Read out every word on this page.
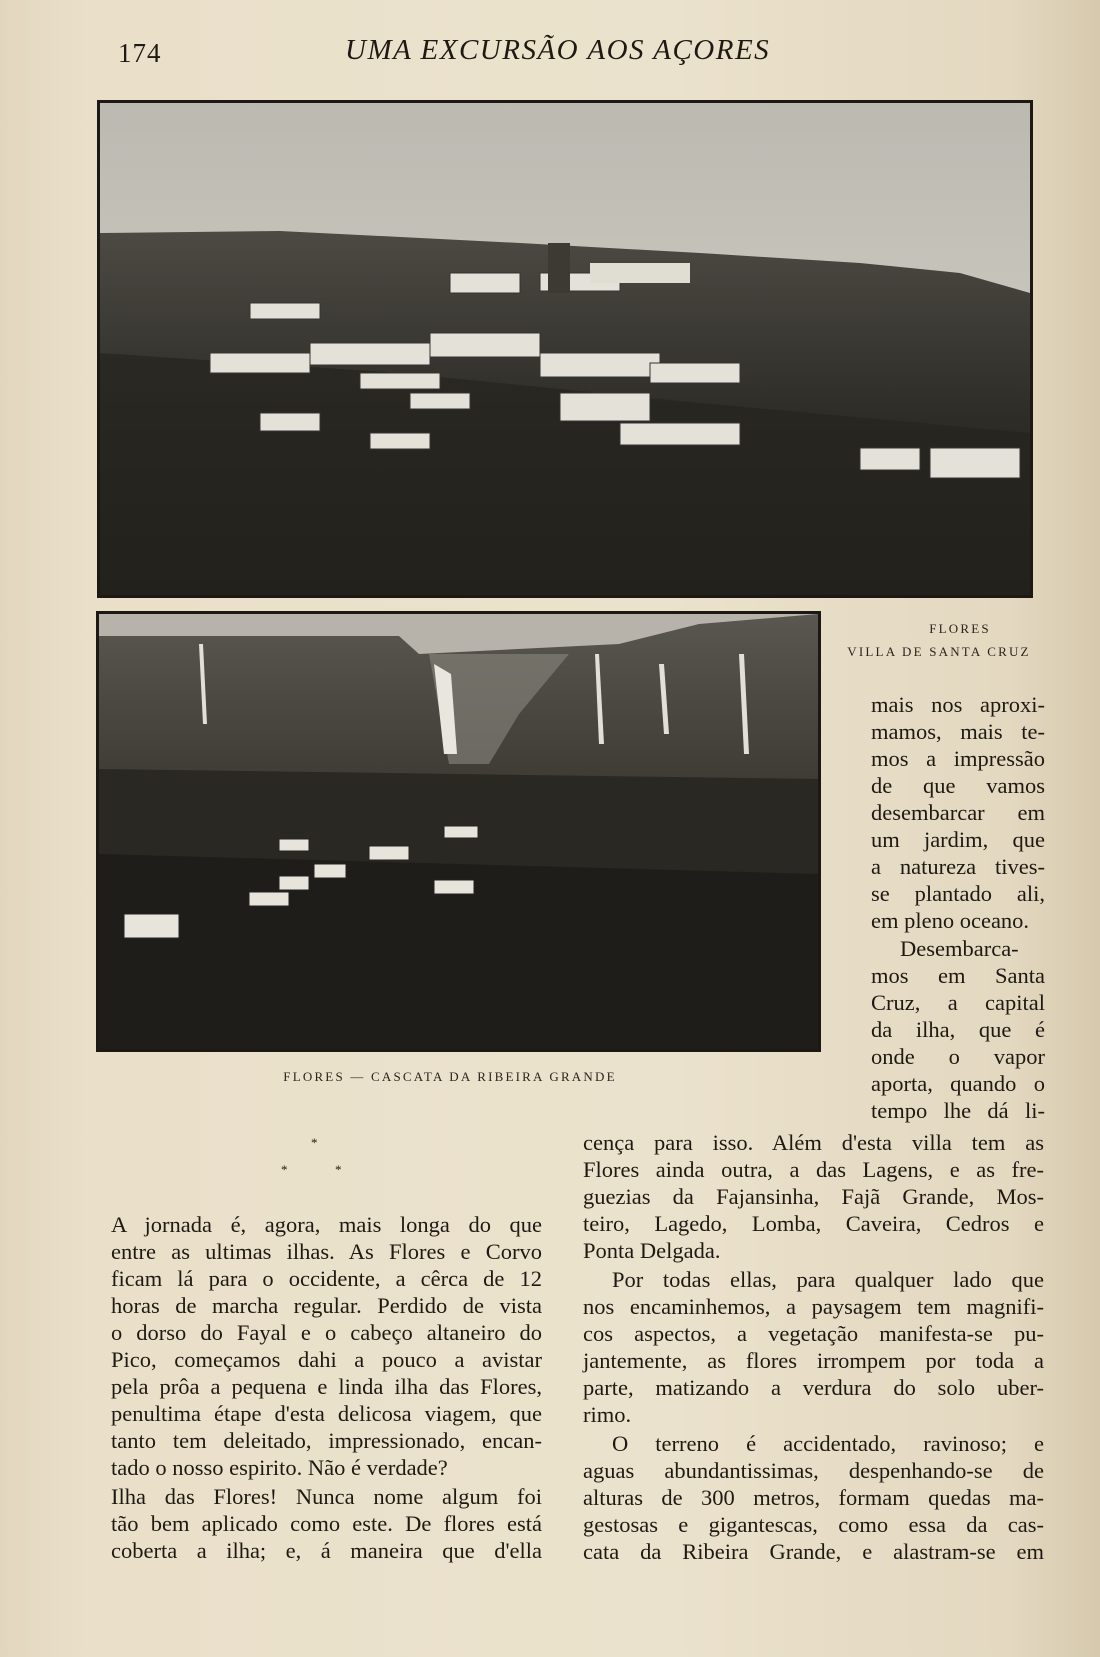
174	UMA EXCURSÃO AOS AÇORES
FLORES
VILLA DE SANTA CRUZ
FLORES — CASCATA DA RIBEIRA GRANDE
*
*	*
mais nos aproxi-
mamos, mais te-
mos a impressão
de que vamos
desembarcar em
um jardim, que
a natureza tives-
se plantado ali,
em pleno oceano.
Desembarca-
mos em Santa
Cruz, a capital
da ilha, que é
onde o vapor
aporta, quando o
tempo lhe dá li-
cença para isso. Além d'esta villa tem as
Flores ainda outra, a das Lagens, e as fre-
guezias da Fajansinha, Fajã Grande, Mos-
teiro, Lagedo, Lomba, Caveira, Cedros e
Ponta Delgada.
Por todas ellas, para qualquer lado que
nos encaminhemos, a paysagem tem magnifi-
cos aspectos, a vegetação manifesta-se pu-
jantemente, as flores irrompem por toda a
parte, matizando a verdura do solo uber-
rimo.
O terreno é accidentado, ravinoso; e
aguas abundantissimas, despenhando-se de
alturas de 300 metros, formam quedas ma-
gestosas e gigantescas, como essa da cas-
cata da Ribeira Grande, e alastram-se em
A jornada é, agora, mais longa do que
entre as ultimas ilhas. As Flores e Corvo
ficam lá para o occidente, a cêrca de 12
horas de marcha regular. Perdido de vista
o dorso do Fayal e o cabeço altaneiro do
Pico, começamos dahi a pouco a avistar
pela prôa a pequena e linda ilha das Flores,
penultima étape d'esta delicosa viagem, que
tanto tem deleitado, impressionado, encan-
tado o nosso espirito. Não é verdade?
Ilha das Flores! Nunca nome algum foi
tão bem aplicado como este. De flores está
coberta a ilha; e, á maneira que d'ella
